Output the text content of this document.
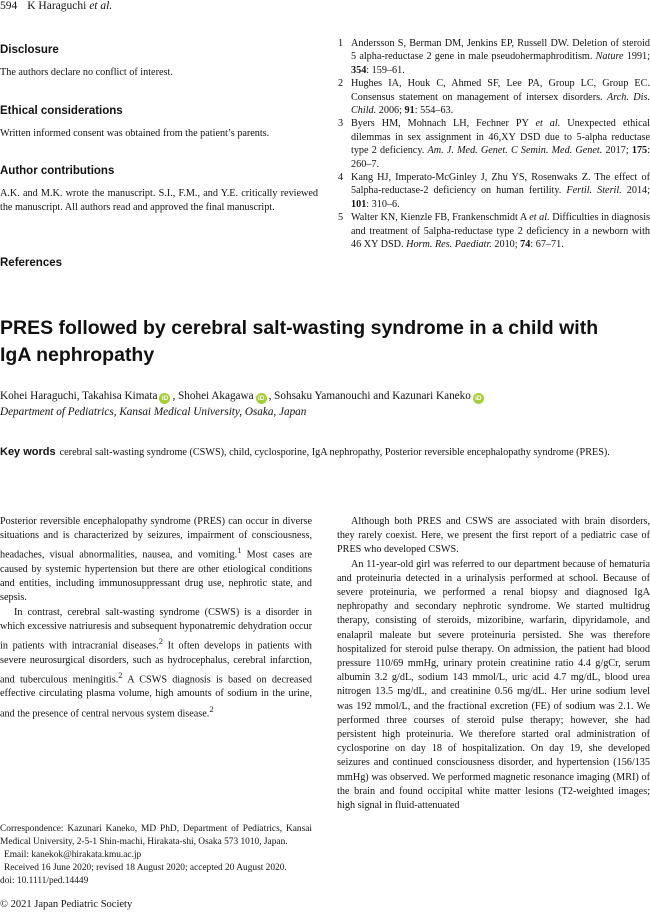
594 K Haraguchi et al.
Disclosure
The authors declare no conflict of interest.
Ethical considerations
Written informed consent was obtained from the patient’s parents.
Author contributions
A.K. and M.K. wrote the manuscript. S.I., F.M., and Y.E. critically reviewed the manuscript. All authors read and approved the final manuscript.
References
1 Andersson S, Berman DM, Jenkins EP, Russell DW. Deletion of steroid 5 alpha-reductase 2 gene in male pseudohermaphroditism. Nature 1991; 354: 159–61.
2 Hughes IA, Houk C, Ahmed SF, Lee PA, Group LC, Group EC. Consensus statement on management of intersex disorders. Arch. Dis. Child. 2006; 91: 554–63.
3 Byers HM, Mohnach LH, Fechner PY et al. Unexpected ethical dilemmas in sex assignment in 46,XY DSD due to 5-alpha reductase type 2 deficiency. Am. J. Med. Genet. C Semin. Med. Genet. 2017; 175: 260–7.
4 Kang HJ, Imperato-McGinley J, Zhu YS, Rosenwaks Z. The effect of 5alpha-reductase-2 deficiency on human fertility. Fertil. Steril. 2014; 101: 310–6.
5 Walter KN, Kienzle FB, Frankenschmidt A et al. Difficulties in diagnosis and treatment of 5alpha-reductase type 2 deficiency in a newborn with 46 XY DSD. Horm. Res. Paediatr. 2010; 74: 67–71.
PRES followed by cerebral salt-wasting syndrome in a child with IgA nephropathy
Kohei Haraguchi, Takahisa Kimata iD , Shohei Akagawa iD , Sohsaku Yamanouchi and Kazunari Kaneko iD
Department of Pediatrics, Kansai Medical University, Osaka, Japan
Key words cerebral salt-wasting syndrome (CSWS), child, cyclosporine, IgA nephropathy, Posterior reversible encephalopathy syndrome (PRES).

Posterior reversible encephalopathy syndrome (PRES) can occur in diverse situations and is characterized by seizures, impairment of consciousness, headaches, visual abnormalities, nausea, and vomiting.$^1$ Most cases are caused by systemic hypertension but there are other etiological conditions and entities, including immunosuppressant drug use, nephrotic state, and sepsis.

In contrast, cerebral salt-wasting syndrome (CSWS) is a disorder in which excessive natriuresis and subsequent hyponatremic dehydration occur in patients with intracranial diseases.$^2$ It often develops in patients with severe neurosurgical disorders, such as hydrocephalus, cerebral infarction, and tuberculous meningitis.$^2$ A CSWS diagnosis is based on decreased effective circulating plasma volume, high amounts of sodium in the urine, and the presence of central nervous system disease.$^2$

Although both PRES and CSWS are associated with brain disorders, they rarely coexist. Here, we present the first report of a pediatric case of PRES who developed CSWS.

An 11-year-old girl was referred to our department because of hematuria and proteinuria detected in a urinalysis performed at school. Because of severe proteinuria, we performed a renal biopsy and diagnosed IgA nephropathy and secondary nephrotic syndrome. We started multidrug therapy, consisting of steroids, mizoribine, warfarin, dipyridamole, and enalapril maleate but severe proteinuria persisted. She was therefore hospitalized for steroid pulse therapy. On admission, the patient had blood pressure 110/69 mmHg, urinary protein creatinine ratio 4.4 g/gCr, serum albumin 3.2 g/dL, sodium 143 mmol/L, uric acid 4.7 mg/dL, blood urea nitrogen 13.5 mg/dL, and creatinine 0.56 mg/dL. Her urine sodium level was 192 mmol/L, and the fractional excretion (FE) of sodium was 2.1. We performed three courses of steroid pulse therapy; however, she had persistent high proteinuria. We therefore started oral administration of cyclosporine on day 18 of hospitalization. On day 19, she developed seizures and continued consciousness disorder, and hypertension (156/135 mmHg) was observed. We performed magnetic resonance imaging (MRI) of the brain and found occipital white matter lesions (T2-weighted images; high signal in fluid-attenuated

Correspondence: Kazunari Kaneko, MD PhD, Department of Pediatrics, Kansai Medical University, 2-5-1 Shin-machi, Hirakata-shi, Osaka 573 1010, Japan.

Email: kanekok@hirakata.kmu.ac.jp

Received 16 June 2020; revised 18 August 2020; accepted 20 August 2020.

doi: 10.1111/ped.14449

© 2021 Japan Pediatric Society
